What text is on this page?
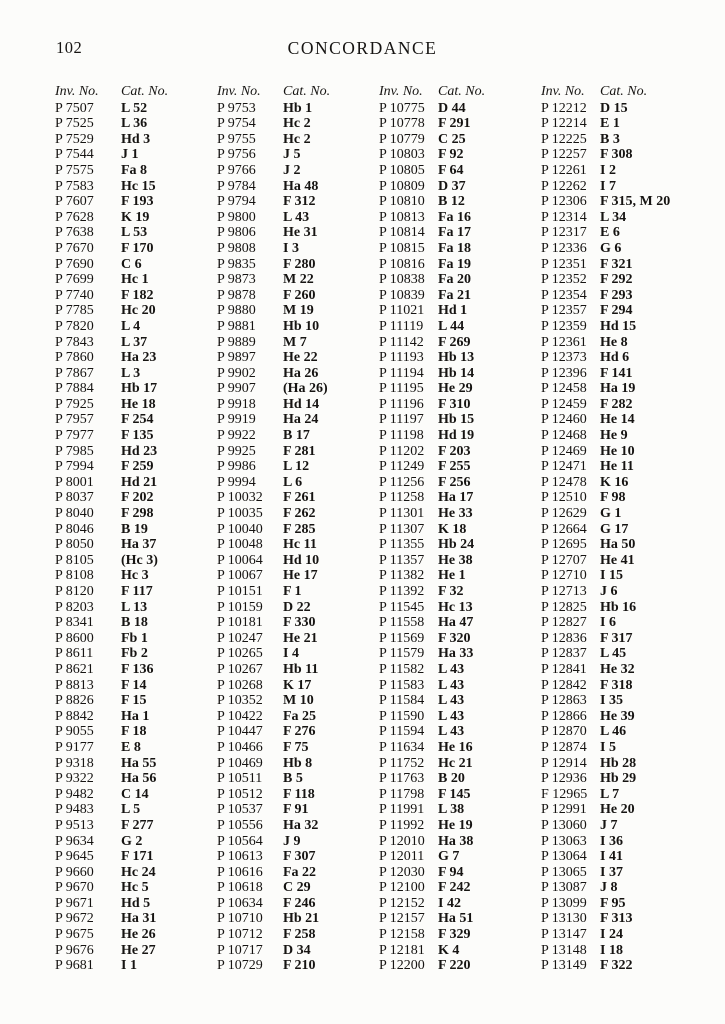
102	CONCORDANCE
Inv. No.	Cat. No.
P 7507	L 52
P 7525	L 36
P 7529	Hd 3
P 7544	J 1
P 7575	Fa 8
P 7583	Hc 15
P 7607	F 193
P 7628	K 19
P 7638	L 53
P 7670	F 170
P 7690	C 6
P 7699	Hc 1
P 7740	F 182
P 7785	Hc 20
P 7820	L 4
P 7843	L 37
P 7860	Ha 23
P 7867	L 3
P 7884	Hb 17
P 7925	He 18
P 7957	F 254
P 7977	F 135
P 7985	Hd 23
P 7994	F 259
P 8001	Hd 21
P 8037	F 202
P 8040	F 298
P 8046	B 19
P 8050	Ha 37
P 8105	(Hc 3)
P 8108	Hc 3
P 8120	F 117
P 8203	L 13
P 8341	B 18
P 8600	Fb 1
P 8611	Fb 2
P 8621	F 136
P 8813	F 14
P 8826	F 15
P 8842	Ha 1
P 9055	F 18
P 9177	E 8
P 9318	Ha 55
P 9322	Ha 56
P 9482	C 14
P 9483	L 5
P 9513	F 277
P 9634	G 2
P 9645	F 171
P 9660	Hc 24
P 9670	Hc 5
P 9671	Hd 5
P 9672	Ha 31
P 9675	He 26
P 9676	He 27
P 9681	I 1
Inv. No.	Cat. No.
P 9753	Hb 1
P 9754	Hc 2
P 9755	Hc 2
P 9756	J 5
P 9766	J 2
P 9784	Ha 48
P 9794	F 312
P 9800	L 43
P 9806	He 31
P 9808	I 3
P 9835	F 280
P 9873	M 22
P 9878	F 260
P 9880	M 19
P 9881	Hb 10
P 9889	M 7
P 9897	He 22
P 9902	Ha 26
P 9907	(Ha 26)
P 9918	Hd 14
P 9919	Ha 24
P 9922	B 17
P 9925	F 281
P 9986	L 12
P 9994	L 6
P 10032	F 261
P 10035	F 262
P 10040	F 285
P 10048	Hc 11
P 10064	Hd 10
P 10067	He 17
P 10151	F 1
P 10159	D 22
P 10181	F 330
P 10247	He 21
P 10265	I 4
P 10267	Hb 11
P 10268	K 17
P 10352	M 10
P 10422	Fa 25
P 10447	F 276
P 10466	F 75
P 10469	Hb 8
P 10511	B 5
P 10512	F 118
P 10537	F 91
P 10556	Ha 32
P 10564	J 9
P 10613	F 307
P 10616	Fa 22
P 10618	C 29
P 10634	F 246
P 10710	Hb 21
P 10712	F 258
P 10717	D 34
P 10729	F 210
Inv. No.	Cat. No.
P 10775 D 44
P 10778 F 291
P 10779 C 25
P 10803 F 92
P 10805 F 64
P 10809 D 37
P 10810 B 12
P 10813 Fa 16
P 10814 Fa 17
P 10815 Fa 18
P 10816 Fa 19
P 10838 Fa 20
P 10839 Fa 21
P 11021 Hd 1
P 11119	L 44
P 11142	F 269
P 11193	Hb 13
P 11194	Hb 14
P 11195	He 29
P 11196	F 310
P 11197	Hb 15
P 11198	Hd 19
P 11202 F 203
P 11249 F 255
P 11256 F 256
P 11258 Ha 17
P 11301 He 33
P 11307 K 18
P 11355 Hb 24
P 11357 He 38
P 11382 He 1
P 11392 F 32
P 11545 Hc 13
P 11558 Ha 47
P 11569 F 320
P 11579 Ha 33
P 11582 L 43
P 11583 L 43
P 11584 L 43
P 11590 L 43
P 11594 L 43
P 11634 He 16
P 11752 Hc 21
P 11763 B 20
P 11798 F 145
P 11991 L 38
P 11992 He 19
P 12010 Ha 38
P 12011 G 7
P 12030 F 94
P 12100 F 242
P 12152 I 42
P 12157 Ha 51
P 12158 F 329
P 12181 K 4
P 12200 F 220
Inv. No.	Cat. No.
P 12212 D 15
P 12214 E 1
P 12225 B 3
P 12257 F 308
P 12261 I 2
P 12262 I 7
P 12306 F 315, M 20
P 12314 L 34
P 12317 E 6
P 12336 G 6
P 12351 F 321
P 12352 F 292
P 12354 F 293
P 12357 F 294
P 12359 Hd 15
P 12361 He 8
P 12373 Hd 6
P 12396 F 141
P 12458 Ha 19
P 12459 F 282
P 12460 He 14
P 12468 He 9
P 12469 He 10
P 12471 He 11
P 12478 K 16
P 12510 F 98
P 12629 G 1
P 12664 G 17
P 12695 Ha 50
P 12707 He 41
P 12710 I 15
P 12713 J 6
P 12825 Hb 16
P 12827 I 6
P 12836 F 317
P 12837 L 45
P 12841 He 32
P 12842 F 318
P 12863 I 35
P 12866 He 39
P 12870 L 46
P 12874 I 5
P 12914 Hb 28
P 12936 Hb 29
F 12965 L 7
P 12991 He 20
P 13060 J 7
P 13063 I 36
P 13064 I 41
P 13065 I 37
P 13087 J 8
P 13099 F 95
P 13130 F 313
P 13147 I 24
P 13148 I 18
P 13149 F 322
